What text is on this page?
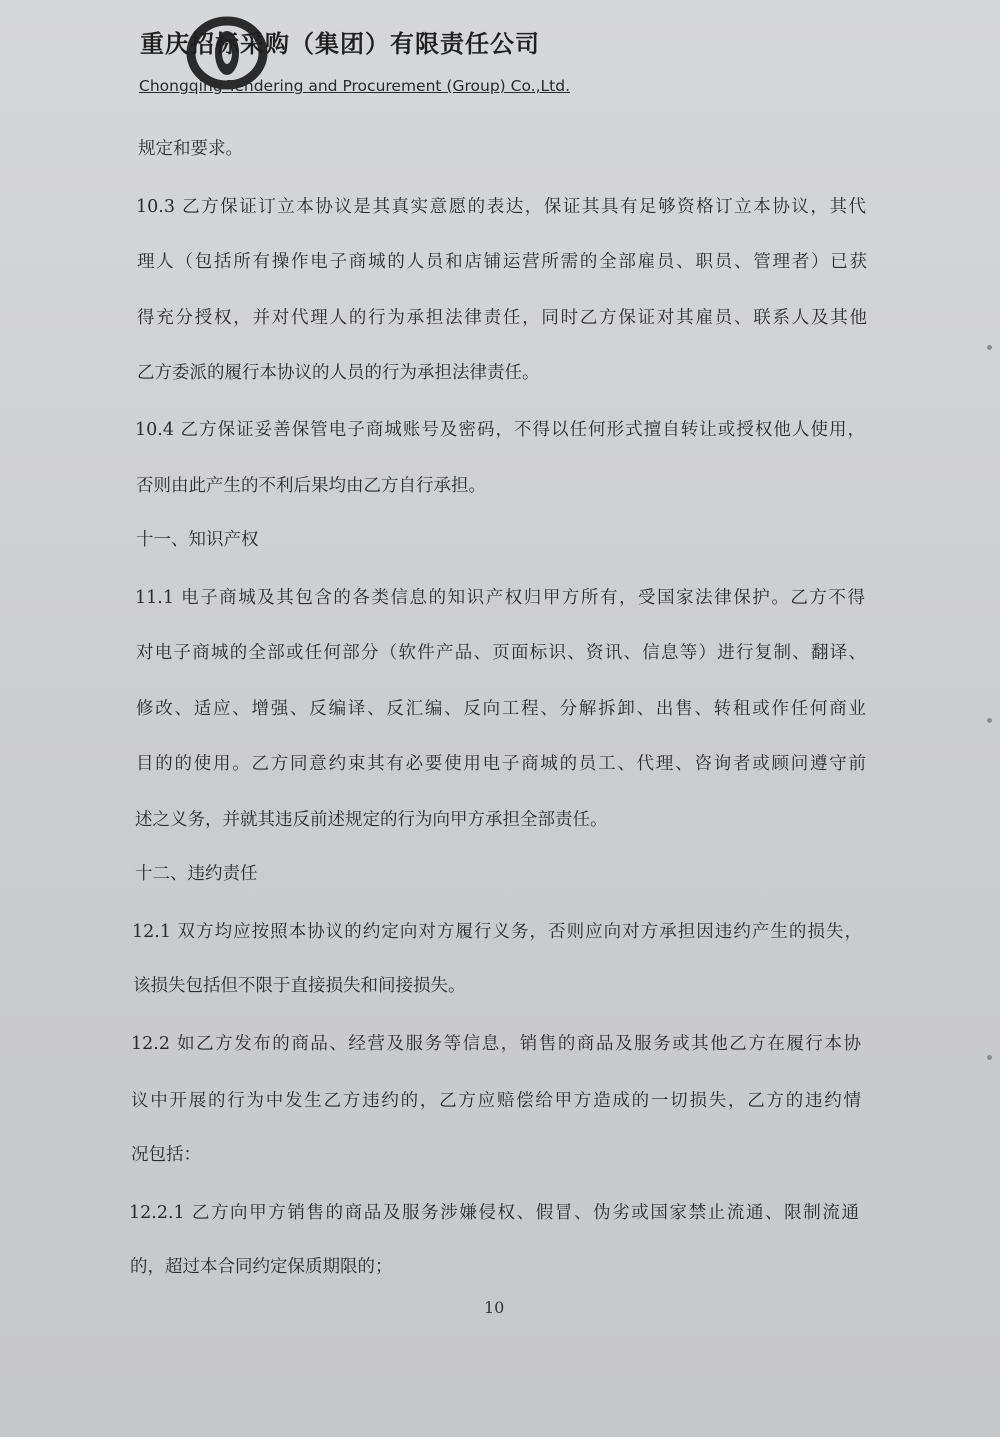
重庆招标采购（集团）有限责任公司
Chongqing Tendering and Procurement (Group) Co.,Ltd.
规定和要求。
10.3 乙方保证订立本协议是其真实意愿的表达，保证其具有足够资格订立本协议，其代
理人（包括所有操作电子商城的人员和店铺运营所需的全部雇员、职员、管理者）已获
得充分授权，并对代理人的行为承担法律责任，同时乙方保证对其雇员、联系人及其他
乙方委派的履行本协议的人员的行为承担法律责任。
10.4 乙方保证妥善保管电子商城账号及密码，不得以任何形式擅自转让或授权他人使用，
否则由此产生的不利后果均由乙方自行承担。
十一、知识产权
11.1 电子商城及其包含的各类信息的知识产权归甲方所有，受国家法律保护。乙方不得
对电子商城的全部或任何部分（软件产品、页面标识、资讯、信息等）进行复制、翻译、
修改、适应、增强、反编译、反汇编、反向工程、分解拆卸、出售、转租或作任何商业
目的的使用。乙方同意约束其有必要使用电子商城的员工、代理、咨询者或顾问遵守前
述之义务，并就其违反前述规定的行为向甲方承担全部责任。
十二、违约责任
12.1 双方均应按照本协议的约定向对方履行义务，否则应向对方承担因违约产生的损失，
该损失包括但不限于直接损失和间接损失。
12.2 如乙方发布的商品、经营及服务等信息，销售的商品及服务或其他乙方在履行本协
议中开展的行为中发生乙方违约的，乙方应赔偿给甲方造成的一切损失，乙方的违约情
况包括：
12.2.1 乙方向甲方销售的商品及服务涉嫌侵权、假冒、伪劣或国家禁止流通、限制流通
的，超过本合同约定保质期限的；
10
